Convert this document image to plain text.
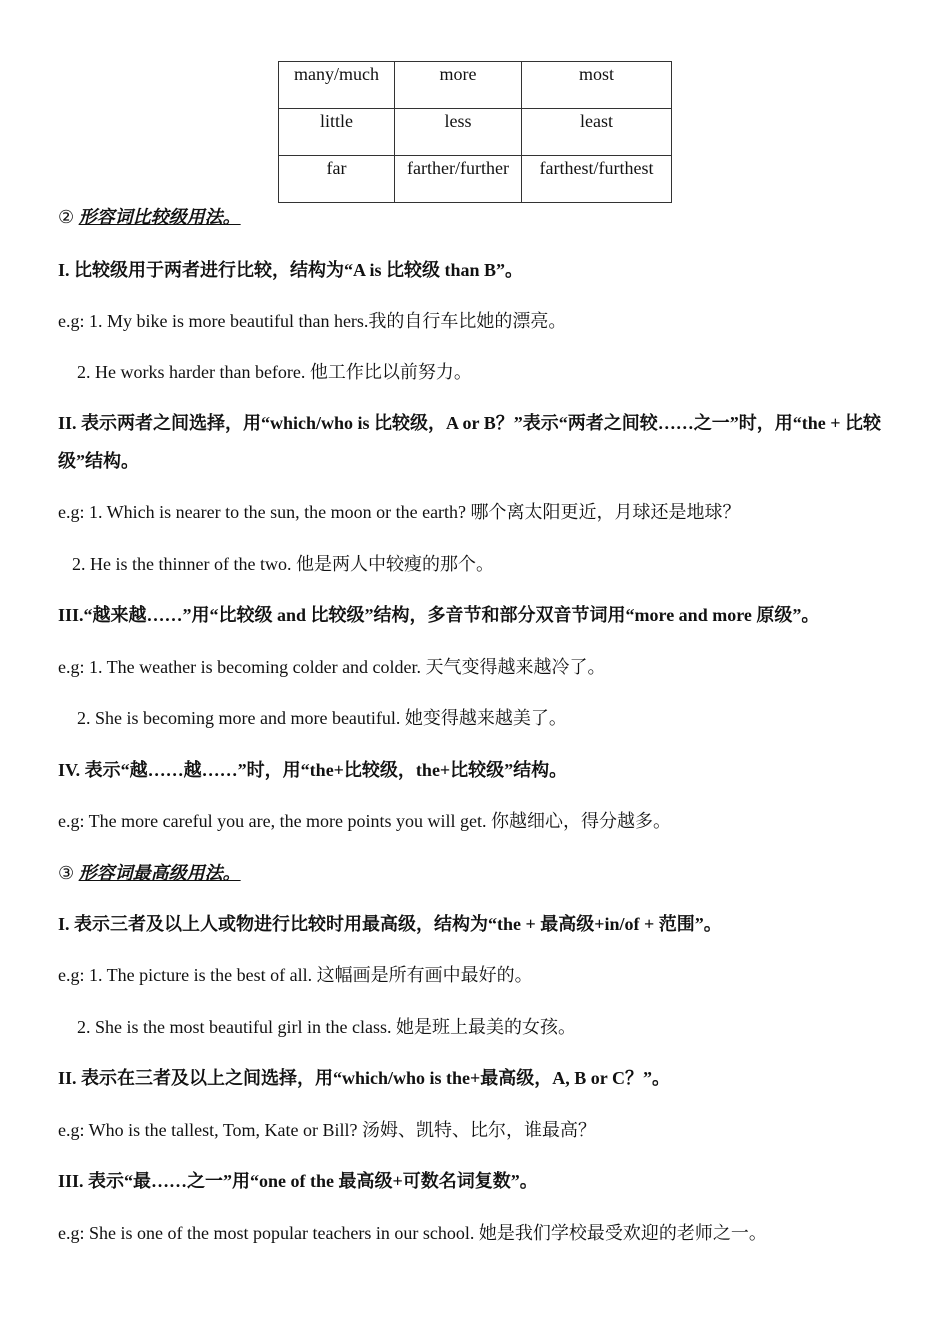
many/much	more	most
little	less	least
far	farther/further	farthest/furthest
② 形容词比较级用法。
I. 比较级用于两者进行比较，结构为“A is 比较级 than B”。
e.g: 1. My bike is more beautiful than hers.我的自行车比她的漂亮。
2. He works harder than before. 他工作比以前努力。
II. 表示两者之间选择，用“which/who is 比较级，A or B？”表示“两者之间较……之一”时，用“the + 比较级”结构。
e.g: 1. Which is nearer to the sun, the moon or the earth? 哪个离太阳更近，月球还是地球？
2. He is the thinner of the two. 他是两人中较瘦的那个。
III.“越来越……”用“比较级 and 比较级”结构，多音节和部分双音节词用“more and more 原级”。
e.g: 1. The weather is becoming colder and colder. 天气变得越来越冷了。
2. She is becoming more and more beautiful. 她变得越来越美了。
IV. 表示“越……越……”时，用“the+比较级，the+比较级”结构。
e.g: The more careful you are, the more points you will get. 你越细心，得分越多。
③ 形容词最高级用法。
I. 表示三者及以上人或物进行比较时用最高级，结构为“the + 最高级+in/of + 范围”。
e.g: 1. The picture is the best of all. 这幅画是所有画中最好的。
2. She is the most beautiful girl in the class. 她是班上最美的女孩。
II. 表示在三者及以上之间选择，用“which/who is the+最高级，A, B or C？”。
e.g: Who is the tallest, Tom, Kate or Bill? 汤姆、凯特、比尔，谁最高？
III. 表示“最……之一”用“one of the 最高级+可数名词复数”。
e.g: She is one of the most popular teachers in our school. 她是我们学校最受欢迎的老师之一。
